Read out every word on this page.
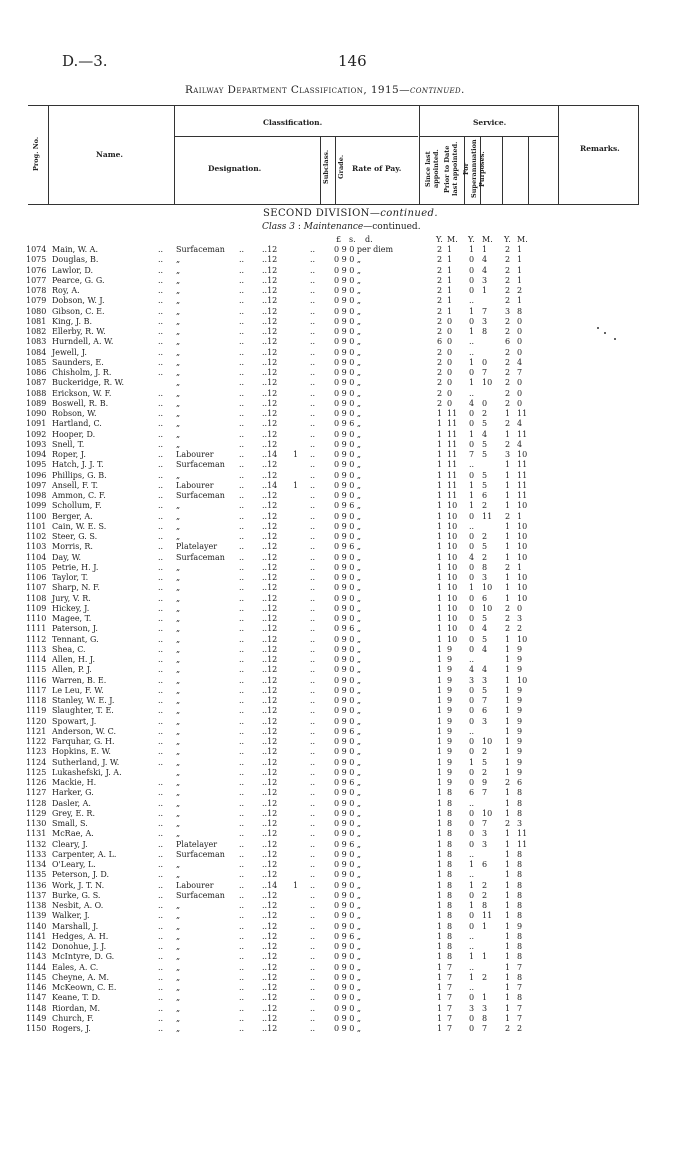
D.—3.	146
Railway Department Classification, 1915—continued.
Prog. No.	Name.
Classification.
Designation.	Subclass.	Grade. Rate of Pay.
Service.
Since last appointed. Prior to Date last appointed. For Superannuation Purposes.
Remarks.
SECOND DIVISION—continued.
Class 3 : Maintenance—continued.
£ s. d.	Y. M. Y. M. Y. M.
1074 Main, W. A.	.. Surfaceman .. ..12	.. 0 9 0 per diem	2 1 1 1 2 1
1075 Douglas, B.	.. „	.. ..12	.. 0 9 0 „	2 1 0 4 2 1
1076 Lawlor, D.	.. „	.. ..12	.. 0 9 0 „	2 1 0 4 2 1
1077 Pearce, G. G.	.. „	.. ..12	.. 0 9 0 „	2 1 0 3 2 1
1078 Roy, A.	.. „	.. ..12	.. 0 9 0 „	2 1 0 1 2 2
1079 Dobson, W. J.	.. „	.. ..12	.. 0 9 0 „	2 1 ..	2 1
1080 Gibson, C. E.	.. „	.. ..12	.. 0 9 0 „	2 1 1 7 3 8
1081 King, J. B.	.. „	.. ..12	.. 0 9 0 „	2 0 0 3 2 0
1082 Ellerby, R. W.	.. „	.. ..12	.. 0 9 0 „	2 0 1 8 2 0
1083 Hurndell, A. W.	.. „	.. ..12	.. 0 9 0 „	6 0 ..	6 0
1084 Jewell, J.	.. „	.. ..12	.. 0 9 0 „	2 0 ..	2 0
1085 Saunders, E.	.. „	.. ..12	.. 0 9 0 „	2 0 1 0 2 4
1086 Chisholm, J. R.	.. „	.. ..12	.. 0 9 0 „	2 0 0 7 2 7
1087 Buckeridge, R. W.	„	.. ..12	.. 0 9 0 „	2 0 1 10 2 0
1088 Erickson, W. F.	.. „	.. ..12	.. 0 9 0 „	2 0 ..	2 0
1089 Boswell, R. B.	.. „	.. ..12	.. 0 9 0 „	2 0 4 0 2 0
1090 Robson, W.	.. „	.. ..12	.. 0 9 0 „	1 11 0 2 1 11
1091 Hartland, C.	.. „	.. ..12	.. 0 9 6 „	1 11 0 5 2 4
1092 Hooper, D.	.. „	.. ..12	.. 0 9 0 „	1 11 1 4 1 11
1093 Snell, T.	.. „	.. ..12	.. 0 9 0 „	1 11 0 5 2 4
1094 Roper, J.	.. Labourer	.. ..14 1 .. 0 9 0 „	1 11 7 5 3 10
1095 Hatch, J. J. T.	.. Surfaceman .. ..12	.. 0 9 0 „	1 11 ..	1 11
1096 Phillips, G. B.	.. „	.. ..12	.. 0 9 0 „	1 11 0 5 1 11
1097 Ansell, F. T.	.. Labourer	.. ..14 1 .. 0 9 0 „	1 11 1 5 1 11
1098 Ammon, C. F.	.. Surfaceman .. ..12	.. 0 9 0 „	1 11 1 6 1 11
1099 Schollum, F.	.. „	.. ..12	.. 0 9 6 „	1 10 1 2 1 10
1100 Berger, A.	.. „	.. ..12	.. 0 9 0 „	1 10 0 11 2 1
1101 Cain, W. E. S.	.. „	.. ..12	.. 0 9 0 „	1 10 ..	1 10
1102 Steer, G. S.	.. „	.. ..12	.. 0 9 0 „	1 10 0 2 1 10
1103 Morris, R.	.. Platelayer	.. ..12	.. 0 9 6 „	1 10 0 5 1 10
1104 Day, W.	.. Surfaceman .. ..12	.. 0 9 0 „	1 10 4 2 1 10
1105 Petrie, H. J.	.. „	.. ..12	.. 0 9 0 „	1 10 0 8 2 1
1106 Taylor, T.	.. „	.. ..12	.. 0 9 0 „	1 10 0 3 1 10
1107 Sharp, N. F.	.. „	.. ..12	.. 0 9 0 „	1 10 1 10 1 10
1108 Jury, V. R.	.. „	.. ..12	.. 0 9 0 „	1 10 0 6 1 10
1109 Hickey, J.	.. „	.. ..12	.. 0 9 0 „	1 10 0 10 2 0
1110 Magee, T.	.. „	.. ..12	.. 0 9 0 „	1 10 0 5 2 3
1111 Paterson, J.	.. „	.. ..12	.. 0 9 6 „	1 10 0 4 2 2
1112 Tennant, G.	.. „	.. ..12	.. 0 9 0 „	1 10 0 5 1 10
1113 Shea, C.	.. „	.. ..12	.. 0 9 0 „	1 9 0 4 1 9
1114 Allen, H. J.	.. „	.. ..12	.. 0 9 0 „	1 9 ..	1 9
1115 Allen, P. J.	.. „	.. ..12	.. 0 9 0 „	1 9 4 4 1 9
1116 Warren, B. E.	.. „	.. ..12	.. 0 9 0 „	1 9 3 3 1 10
1117 Le Leu, F. W.	.. „	.. ..12	.. 0 9 0 „	1 9 0 5 1 9
1118 Stanley, W. E. J.	.. „	.. ..12	.. 0 9 0 „	1 9 0 7 1 9
1119 Slaughter, T. E.	.. „	.. ..12	.. 0 9 0 „	1 9 0 6 1 9
1120 Spowart, J.	.. „	.. ..12	.. 0 9 0 „	1 9 0 3 1 9
1121 Anderson, W. C.	.. „	.. ..12	.. 0 9 6 „	1 9 ..	1 9
1122 Farquhar, G. H.	.. „	.. ..12	.. 0 9 0 „	1 9 0 10 1 9
1123 Hopkins, E. W.	.. „	.. ..12	.. 0 9 0 „	1 9 0 2 1 9
1124 Sutherland, J. W.	.. „	.. ..12	.. 0 9 0 „	1 9 1 5 1 9
1125 Lukashefski, J. A.	„	.. ..12	.. 0 9 0 „	1 9 0 2 1 9
1126 Mackie, H.	.. „	.. ..12	.. 0 9 6 „	1 9 0 9 2 6
1127 Harker, G.	.. „	.. ..12	.. 0 9 0 „	1 8 6 7 1 8
1128 Dasler, A.	.. „	.. ..12	.. 0 9 0 „	1 8 ..	1 8
1129 Grey, E. R.	.. „	.. ..12	.. 0 9 0 „	1 8 0 10 1 8
1130 Small, S.	.. „	.. ..12	.. 0 9 0 „	1 8 0 7 2 3
1131 McRae, A.	.. „	.. ..12	.. 0 9 0 „	1 8 0 3 1 11
1132 Cleary, J.	.. Platelayer	.. ..12	.. 0 9 6 „	1 8 0 3 1 11
1133 Carpenter, A. L.	.. Surfaceman .. ..12	.. 0 9 0 „	1 8 ..	1 8
1134 O'Leary, L.	.. „	.. ..12	.. 0 9 0 „	1 8 1 6 1 8
1135 Peterson, J. D.	.. „	.. ..12	.. 0 9 0 „	1 8 ..	1 8
1136 Work, J. T. N.	.. Labourer	.. ..14 1 .. 0 9 0 „	1 8 1 2 1 8
1137 Burke, G. S.	.. Surfaceman .. ..12	.. 0 9 0 „	1 8 0 2 1 8
1138 Nesbit, A. O.	.. „	.. ..12	.. 0 9 0 „	1 8 1 8 1 8
1139 Walker, J.	.. „	.. ..12	.. 0 9 0 „	1 8 0 11 1 8
1140 Marshall, J.	.. „	.. ..12	.. 0 9 0 „	1 8 0 1 1 9
1141 Hedges, A. H.	.. „	.. ..12	.. 0 9 6 „	1 8 ..	1 8
1142 Donohue, J. J.	.. „	.. ..12	.. 0 9 0 „	1 8 ..	1 8
1143 McIntyre, D. G.	.. „	.. ..12	.. 0 9 0 „	1 8 1 1 1 8
1144 Eales, A. C.	.. „	.. ..12	.. 0 9 0 „	1 7 ..	1 7
1145 Cheyne, A. M.	.. „	.. ..12	.. 0 9 0 „	1 7 1 2 1 8
1146 McKeown, C. E.	.. „	.. ..12	.. 0 9 0 „	1 7 ..	1 7
1147 Keane, T. D.	.. „	.. ..12	.. 0 9 0 „	1 7 0 1 1 8
1148 Riordan, M.	.. „	.. ..12	.. 0 9 0 „	1 7 3 3 1 7
1149 Church, F.	.. „	.. ..12	.. 0 9 0 „	1 7 0 8 1 7
1150 Rogers, J.	.. „	.. ..12	.. 0 9 0 „	1 7 0 7 2 2
